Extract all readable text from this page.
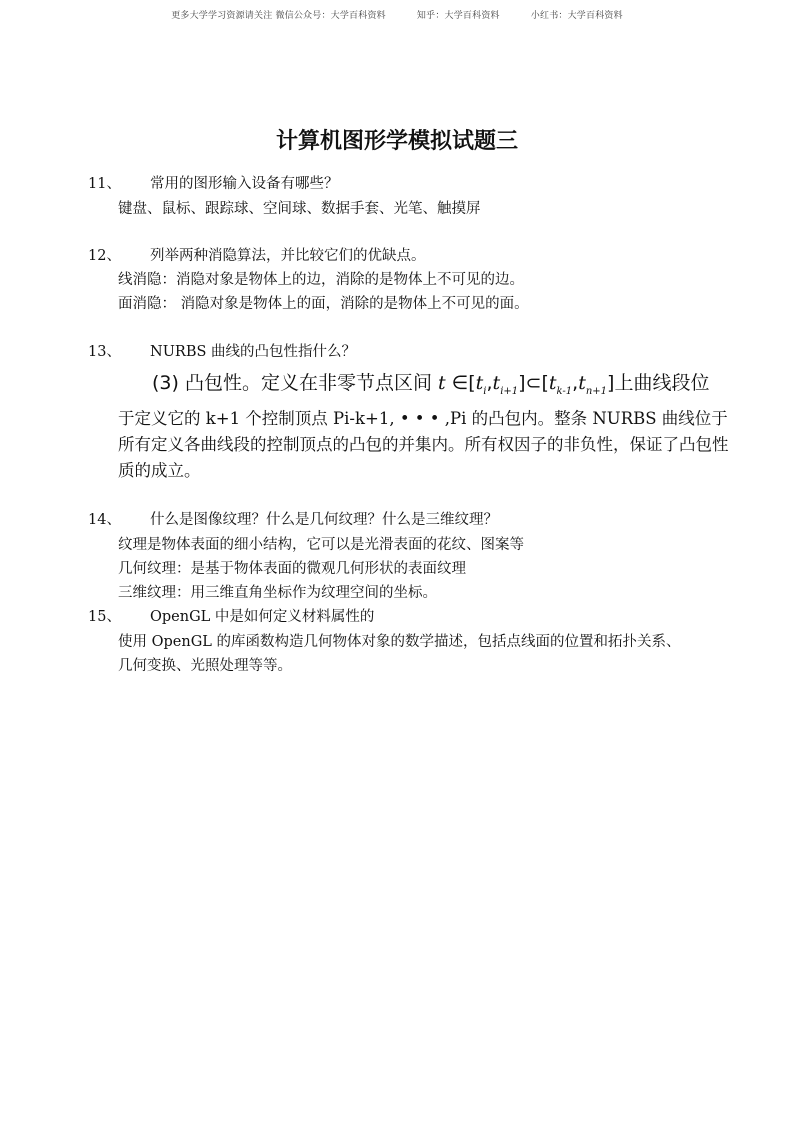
更多大学学习资源请关注 微信公众号：大学百科资料	知乎：大学百科资料	小红书：大学百科资料
计算机图形学模拟试题三
11、 常用的图形输入设备有哪些？
键盘、鼠标、跟踪球、空间球、数据手套、光笔、触摸屏
12、 列举两种消隐算法，并比较它们的优缺点。
线消隐：消隐对象是物体上的边，消除的是物体上不可见的边。
面消隐： 消隐对象是物体上的面，消除的是物体上不可见的面。
13、 NURBS 曲线的凸包性指什么？
(3) 凸包性。定义在非零节点区间 t $\in[t_i,t_{i+1}]\subset[t_{k-1},t_{n+1}]$上曲线段位
于定义它的 k+1 个控制顶点 Pi-k+1, • • • ,Pi 的凸包内。整条 NURBS 曲线位于所有定义各曲线段的控制顶点的凸包的并集内。所有权因子的非负性，保证了凸包性质的成立。
14、 什么是图像纹理？什么是几何纹理？什么是三维纹理？
纹理是物体表面的细小结构，它可以是光滑表面的花纹、图案等
几何纹理：是基于物体表面的微观几何形状的表面纹理
三维纹理：用三维直角坐标作为纹理空间的坐标。
15、 OpenGL 中是如何定义材料属性的
使用 OpenGL 的库函数构造几何物体对象的数学描述，包括点线面的位置和拓扑关系、
几何变换、光照处理等等。
